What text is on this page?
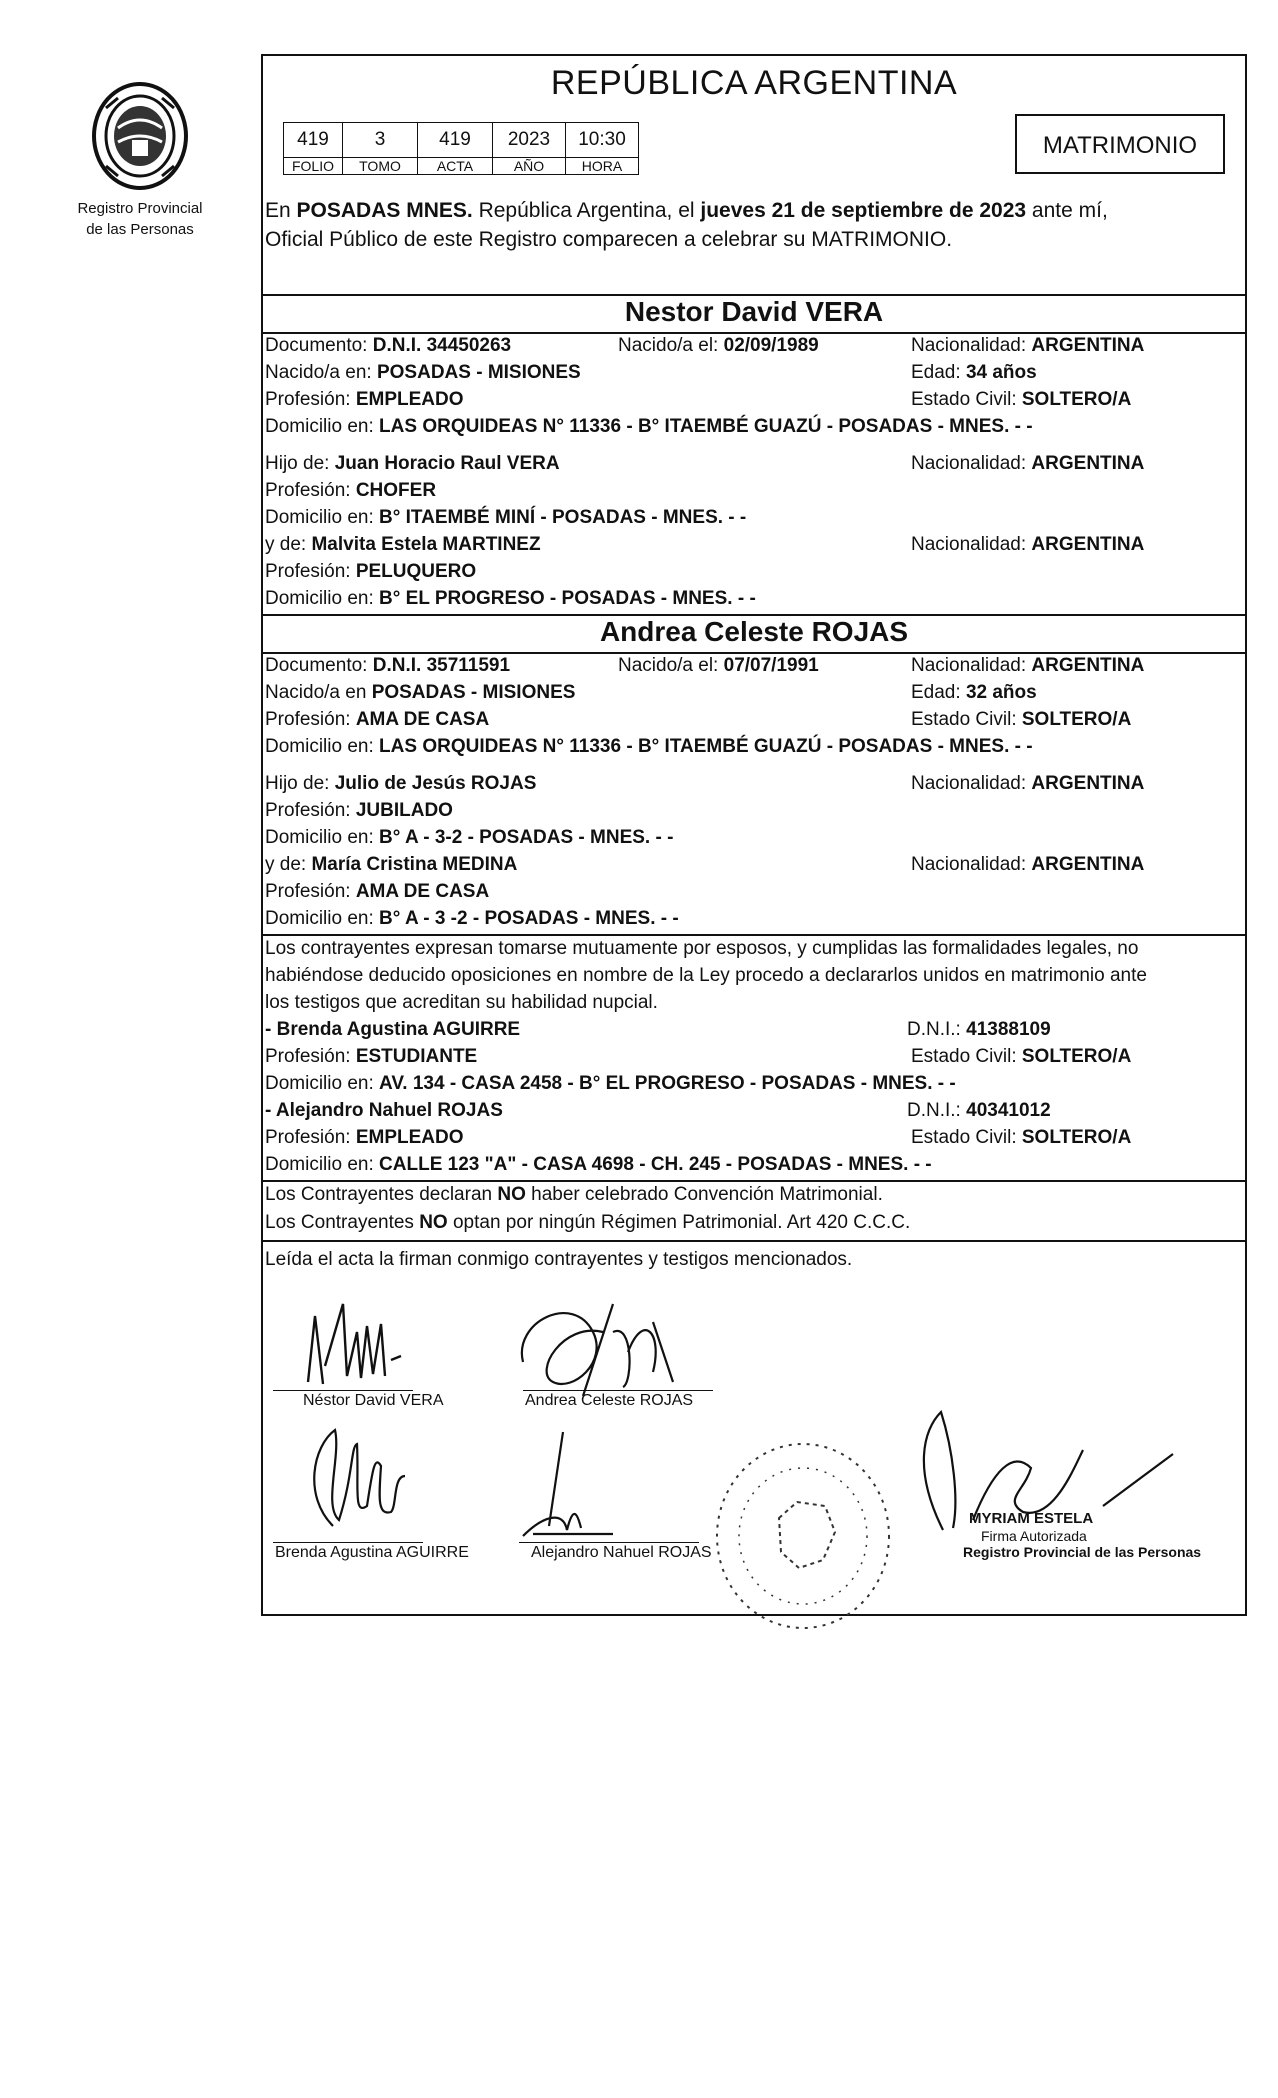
Registro Provincial
de las Personas
REPÚBLICA ARGENTINA
419	3	419	2023	10:30
FOLIO	TOMO	ACTA	AÑO	HORA
MATRIMONIO
En POSADAS MNES. República Argentina, el jueves 21 de septiembre de 2023 ante mí,
Oficial Público de este Registro comparecen a celebrar su MATRIMONIO.
Nestor David VERA
Documento: D.N.I. 34450263	Nacido/a el: 02/09/1989	Nacionalidad: ARGENTINA
Nacido/a en: POSADAS - MISIONES	Edad: 34 años
Profesión: EMPLEADO	Estado Civil: SOLTERO/A
Domicilio en: LAS ORQUIDEAS N° 11336 - B° ITAEMBÉ GUAZÚ - POSADAS - MNES. - -
Hijo de: Juan Horacio Raul VERA	Nacionalidad: ARGENTINA
Profesión: CHOFER
Domicilio en: B° ITAEMBÉ MINÍ - POSADAS - MNES. - -
y de: Malvita Estela MARTINEZ	Nacionalidad: ARGENTINA
Profesión: PELUQUERO
Domicilio en: B° EL PROGRESO - POSADAS - MNES. - -
Andrea Celeste ROJAS
Documento: D.N.I. 35711591	Nacido/a el: 07/07/1991	Nacionalidad: ARGENTINA
Nacido/a en POSADAS - MISIONES	Edad: 32 años
Profesión: AMA DE CASA	Estado Civil: SOLTERO/A
Domicilio en: LAS ORQUIDEAS N° 11336 - B° ITAEMBÉ GUAZÚ - POSADAS - MNES. - -
Hijo de: Julio de Jesús ROJAS	Nacionalidad: ARGENTINA
Profesión: JUBILADO
Domicilio en: B° A - 3-2 - POSADAS - MNES. - -
y de: María Cristina MEDINA	Nacionalidad: ARGENTINA
Profesión: AMA DE CASA
Domicilio en: B° A - 3 -2 - POSADAS - MNES. - -
Los contrayentes expresan tomarse mutuamente por esposos, y cumplidas las formalidades legales, no
habiéndose deducido oposiciones en nombre de la Ley procedo a declararlos unidos en matrimonio ante
los testigos que acreditan su habilidad nupcial.
- Brenda Agustina AGUIRRE	D.N.I.: 41388109
Profesión: ESTUDIANTE	Estado Civil: SOLTERO/A
Domicilio en: AV. 134 - CASA 2458 - B° EL PROGRESO - POSADAS - MNES. - -
- Alejandro Nahuel ROJAS	D.N.I.: 40341012
Profesión: EMPLEADO	Estado Civil: SOLTERO/A
Domicilio en: CALLE 123 "A" - CASA 4698 - CH. 245 - POSADAS - MNES. - -
Los Contrayentes declaran NO haber celebrado Convención Matrimonial.
Los Contrayentes NO optan por ningún Régimen Patrimonial. Art 420 C.C.C.
Leída el acta la firman conmigo contrayentes y testigos mencionados.
Néstor David VERA	Andrea Celeste ROJAS
Brenda Agustina AGUIRRE	Alejandro Nahuel ROJAS
MYRIAM ESTELA
Firma Autorizada
Registro Provincial de las Personas
